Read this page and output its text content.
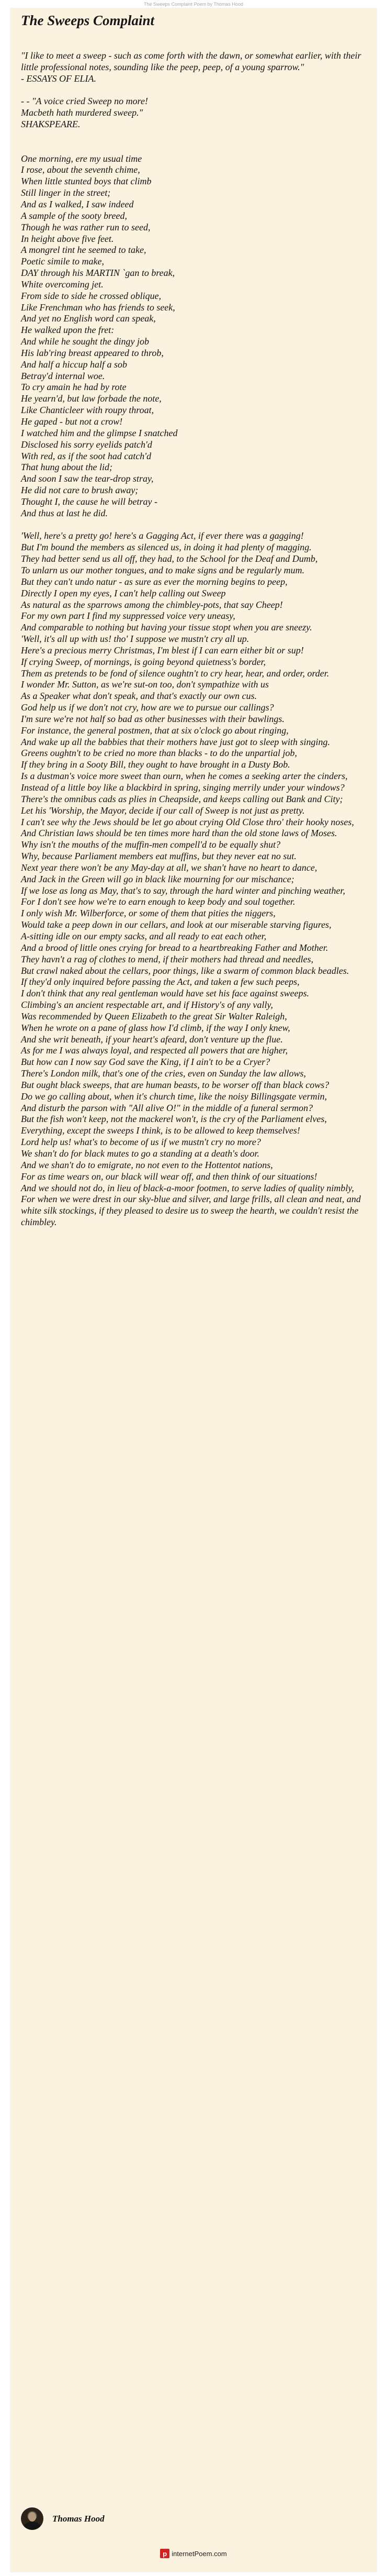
The Sweeps Complaint Poem by Thomas Hood
The Sweeps Complaint
"I like to meet a sweep - such as come forth with the dawn, or somewhat earlier, with their little professional notes, sounding like the peep, peep, of a young sparrow."
- ESSAYS OF ELIA.
- - "A voice cried Sweep no more!
Macbeth hath murdered sweep."
SHAKSPEARE.
One morning, ere my usual time
I rose, about the seventh chime,
When little stunted boys that climb
Still linger in the street;
And as I walked, I saw indeed
A sample of the sooty breed,
Though he was rather run to seed,
In height above five feet.
A mongrel tint he seemed to take,
Poetic simile to make,
DAY through his MARTIN `gan to break,
White overcoming jet.
From side to side he crossed oblique,
Like Frenchman who has friends to seek,
And yet no English word can speak,
He walked upon the fret:
And while he sought the dingy job
His lab'ring breast appeared to throb,
And half a hiccup half a sob
Betray'd internal woe.
To cry amain he had by rote
He yearn'd, but law forbade the note,
Like Chanticleer with roupy throat,
He gaped - but not a crow!
I watched him and the glimpse I snatched
Disclosed his sorry eyelids patch'd
With red, as if the soot had catch'd
That hung about the lid;
And soon I saw the tear-drop stray,
He did not care to brush away;
Thought I, the cause he will betray -
And thus at last he did.
'Well, here's a pretty go! here's a Gagging Act, if ever there was a gagging!
But I'm bound the members as silenced us, in doing it had plenty of magging.
They had better send us all off, they had, to the School for the Deaf and Dumb,
To unlarn us our mother tongues, and to make signs and be regularly mum.
But they can't undo natur - as sure as ever the morning begins to peep,
Directly I open my eyes, I can't help calling out Sweep
As natural as the sparrows among the chimbley-pots, that say Cheep!
For my own part I find my suppressed voice very uneasy,
And comparable to nothing but having your tissue stopt when you are sneezy.
'Well, it's all up with us! tho' I suppose we mustn't cry all up.
Here's a precious merry Christmas, I'm blest if I can earn either bit or sup!
If crying Sweep, of mornings, is going beyond quietness's border,
Them as pretends to be fond of silence oughtn't to cry hear, hear, and order, order.
I wonder Mr. Sutton, as we're sut-on too, don't sympathize with us
As a Speaker what don't speak, and that's exactly our own cus.
God help us if we don't not cry, how are we to pursue our callings?
I'm sure we're not half so bad as other businesses with their bawlings.
For instance, the general postmen, that at six o'clock go about ringing,
And wake up all the babbies that their mothers have just got to sleep with singing.
Greens oughtn't to be cried no more than blacks - to do the unpartial job,
If they bring in a Sooty Bill, they ought to have brought in a Dusty Bob.
Is a dustman's voice more sweet than ourn, when he comes a seeking arter the cinders,
Instead of a little boy like a blackbird in spring, singing merrily under your windows?
There's the omnibus cads as plies in Cheapside, and keeps calling out Bank and City;
Let his 'Worship, the Mayor, decide if our call of Sweep is not just as pretty.
I can't see why the Jews should be let go about crying Old Close thro' their hooky noses,
And Christian laws should be ten times more hard than the old stone laws of Moses.
Why isn't the mouths of the muffin-men compell'd to be equally shut?
Why, because Parliament members eat muffins, but they never eat no sut.
Next year there won't be any May-day at all, we shan't have no heart to dance,
And Jack in the Green will go in black like mourning for our mischance;
If we lose as long as May, that's to say, through the hard winter and pinching weather,
For I don't see how we're to earn enough to keep body and soul together.
I only wish Mr. Wilberforce, or some of them that pities the niggers,
Would take a peep down in our cellars, and look at our miserable starving figures,
A-sitting idle on our empty sacks, and all ready to eat each other,
And a brood of little ones crying for bread to a heartbreaking Father and Mother.
They havn't a rag of clothes to mend, if their mothers had thread and needles,
But crawl naked about the cellars, poor things, like a swarm of common black beadles.
If they'd only inquired before passing the Act, and taken a few such peeps,
I don't think that any real gentleman would have set his face against sweeps.
Climbing's an ancient respectable art, and if History's of any vally,
Was recommended by Queen Elizabeth to the great Sir Walter Raleigh,
When he wrote on a pane of glass how I'd climb, if the way I only knew,
And she writ beneath, if your heart's afeard, don't venture up the flue.
As for me I was always loyal, and respected all powers that are higher,
But how can I now say God save the King, if I ain't to be a Cryer?
There's London milk, that's one of the cries, even on Sunday the law allows,
But ought black sweeps, that are human beasts, to be worser off than black cows?
Do we go calling about, when it's church time, like the noisy Billingsgate vermin,
And disturb the parson with "All alive O!" in the middle of a funeral sermon?
But the fish won't keep, not the mackerel won't, is the cry of the Parliament elves,
Everything, except the sweeps I think, is to be allowed to keep themselves!
Lord help us! what's to become of us if we mustn't cry no more?
We shan't do for black mutes to go a standing at a death's door.
And we shan't do to emigrate, no not even to the Hottentot nations,
For as time wears on, our black will wear off, and then think of our situations!
And we should not do, in lieu of black-a-moor footmen, to serve ladies of quality nimbly,
For when we were drest in our sky-blue and silver, and large frills, all clean and neat, and white silk stockings, if they pleased to desire us to sweep the hearth, we couldn't resist the chimbley.
Thomas Hood
p internetPoem.com
